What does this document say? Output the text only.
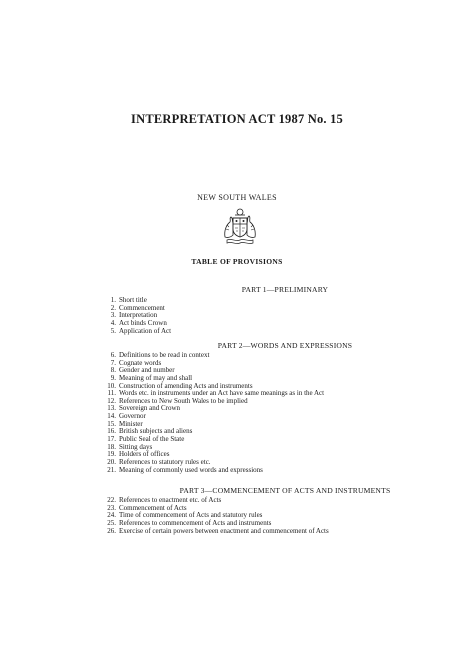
INTERPRETATION ACT 1987 No. 15
NEW SOUTH WALES
TABLE OF PROVISIONS
PART 1—PRELIMINARY
1. Short title
2. Commencement
3. Interpretation
4. Act binds Crown
5. Application of Act
PART 2—WORDS AND EXPRESSIONS
6. Definitions to be read in context
7. Cognate words
8. Gender and number
9. Meaning of may and shall
10. Construction of amending Acts and instruments
11. Words etc. in instruments under an Act have same meanings as in the Act
12. References to New South Wales to be implied
13. Sovereign and Crown
14. Governor
15. Minister
16. British subjects and aliens
17. Public Seal of the State
18. Sitting days
19. Holders of offices
20. References to statutory rules etc.
21. Meaning of commonly used words and expressions
PART 3—COMMENCEMENT OF ACTS AND INSTRUMENTS
22. References to enactment etc. of Acts
23. Commencement of Acts
24. Time of commencement of Acts and statutory rules
25. References to commencement of Acts and instruments
26. Exercise of certain powers between enactment and commencement of Acts
